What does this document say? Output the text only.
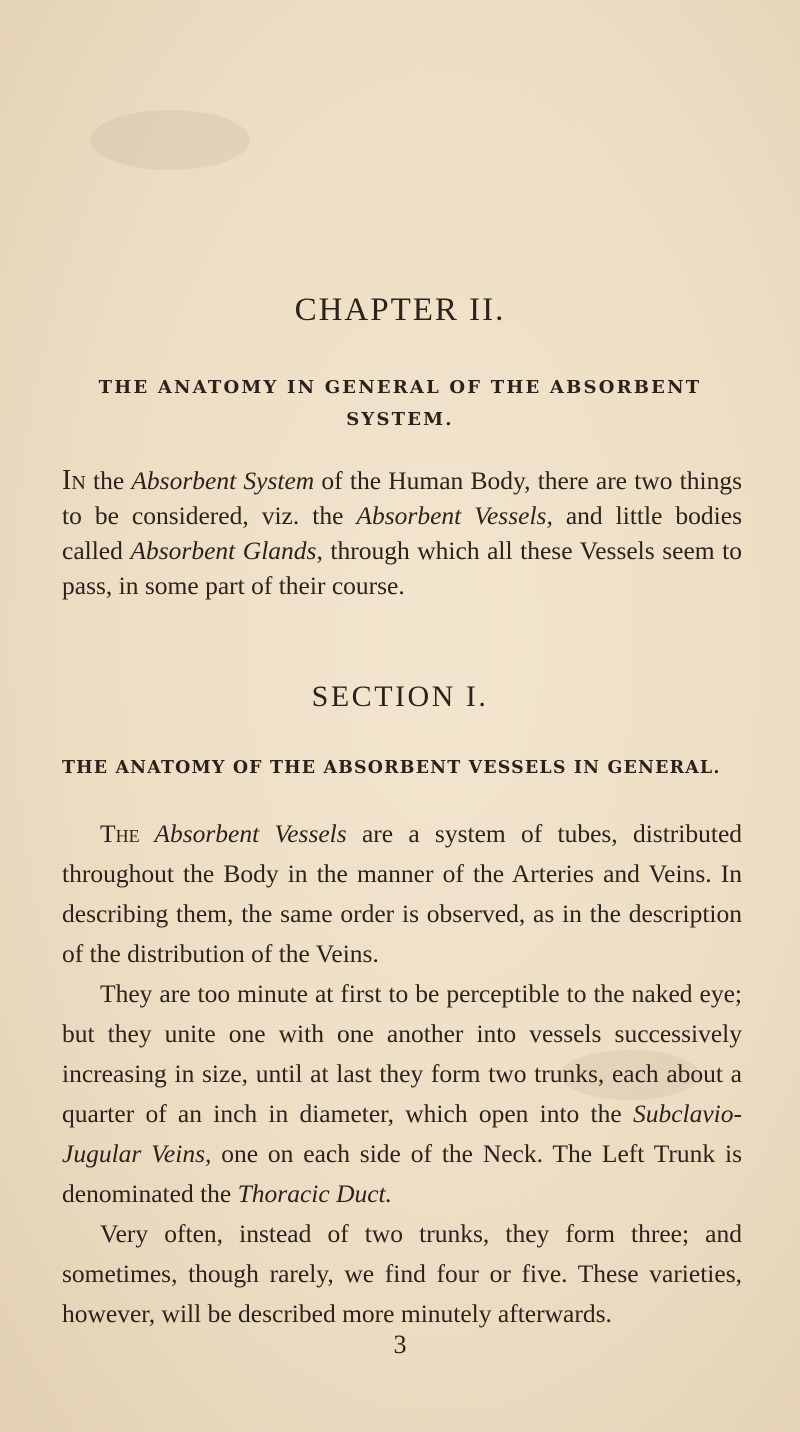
CHAPTER II.
THE ANATOMY IN GENERAL OF THE ABSORBENT SYSTEM.

In the Absorbent System of the Human Body, there are two things to be considered, viz. the Absorbent Vessels, and little bodies called Absorbent Glands, through which all these Vessels seem to pass, in some part of their course.

SECTION I.
THE ANATOMY OF THE ABSORBENT VESSELS IN GENERAL.

The Absorbent Vessels are a system of tubes, distributed throughout the Body in the manner of the Arteries and Veins. In describing them, the same order is observed, as in the description of the distribution of the Veins.

They are too minute at first to be perceptible to the naked eye; but they unite one with one another into vessels successively increasing in size, until at last they form two trunks, each about a quarter of an inch in diameter, which open into the Subclavio-Jugular Veins, one on each side of the Neck. The Left Trunk is denominated the Thoracic Duct.

Very often, instead of two trunks, they form three; and sometimes, though rarely, we find four or five. These varieties, however, will be described more minutely afterwards.

3
